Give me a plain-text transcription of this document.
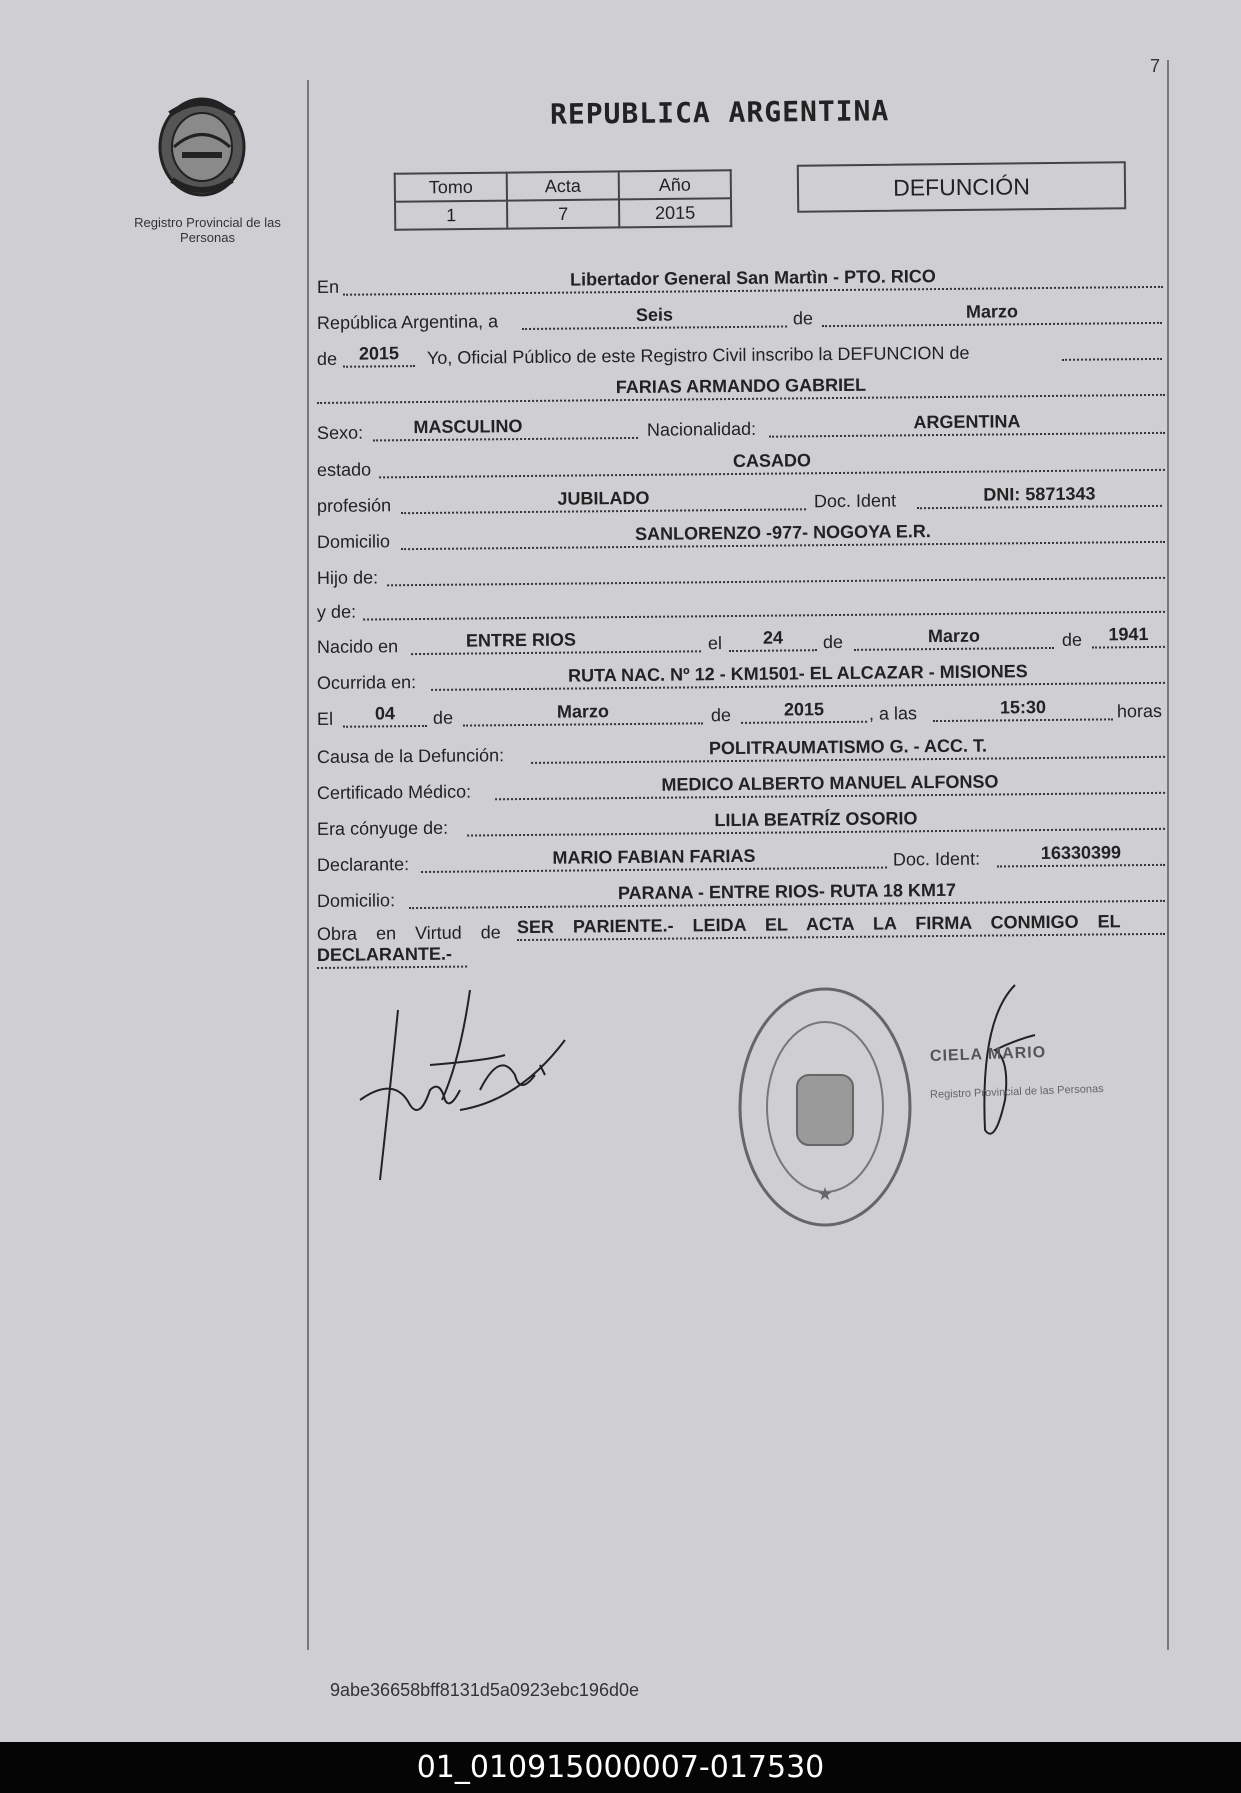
7
Registro Provincial de las Personas
REPUBLICA ARGENTINA
Tomo	Acta	Año
1	7	2015
DEFUNCIÓN
En	Libertador General San Martìn - PTO. RICO
República Argentina, a	Seis	de	Marzo
de	2015	Yo, Oficial Público de este Registro Civil inscribo la DEFUNCION de
FARIAS ARMANDO GABRIEL
Sexo:	MASCULINO	Nacionalidad:	ARGENTINA
estado	CASADO
profesión	JUBILADO	Doc. Ident	DNI: 5871343
Domicilio	SANLORENZO -977- NOGOYA E.R.
Hijo de:
y de:
Nacido en	ENTRE RIOS	el	24	de	Marzo	de	1941
Ocurrida en:	RUTA NAC. Nº 12 - KM1501- EL ALCAZAR - MISIONES
El	04	de	Marzo	de	2015	, a las	15:30	horas
Causa de la Defunción:	POLITRAUMATISMO G. - ACC. T.
Certificado Médico:	MEDICO ALBERTO MANUEL ALFONSO
Era cónyuge de:	LILIA BEATRÍZ OSORIO
Declarante:	MARIO FABIAN FARIAS	Doc. Ident:	16330399
Domicilio:	PARANA - ENTRE RIOS- RUTA 18 KM17
Obra en Virtud de SER PARIENTE.- LEIDA EL ACTA LA FIRMA CONMIGO EL
DECLARANTE.-
★
CIELA MARIO
Registro Provincial de las Personas
9abe36658bff8131d5a0923ebc196d0e
01_010915000007-017530
